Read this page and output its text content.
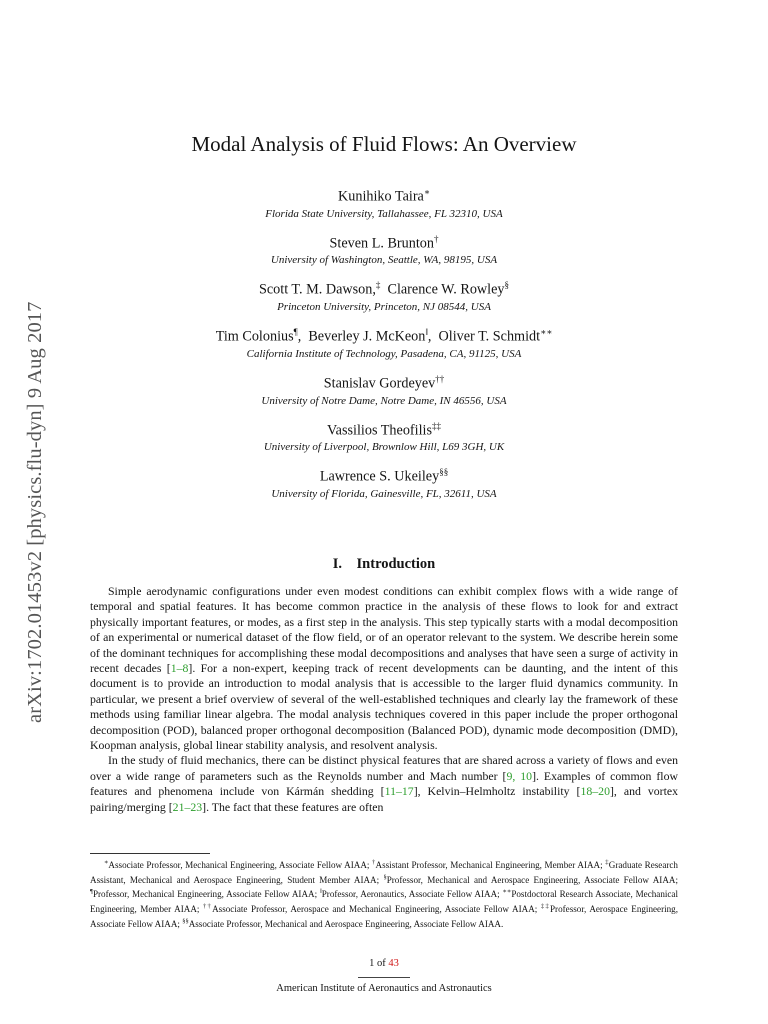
arXiv:1702.01453v2 [physics.flu-dyn] 9 Aug 2017
Modal Analysis of Fluid Flows: An Overview
Kunihiko Taira∗
Florida State University, Tallahassee, FL 32310, USA
Steven L. Brunton†
University of Washington, Seattle, WA, 98195, USA
Scott T. M. Dawson,‡ Clarence W. Rowley§
Princeton University, Princeton, NJ 08544, USA
Tim Colonius¶,  Beverley J. McKeon‖,  Oliver T. Schmidt∗∗
California Institute of Technology, Pasadena, CA, 91125, USA
Stanislav Gordeyev††
University of Notre Dame, Notre Dame, IN 46556, USA
Vassilios Theofilis‡‡
University of Liverpool, Brownlow Hill, L69 3GH, UK
Lawrence S. Ukeiley§§
University of Florida, Gainesville, FL, 32611, USA
I. Introduction

Simple aerodynamic configurations under even modest conditions can exhibit complex flows with a wide range of temporal and spatial features. It has become common practice in the analysis of these flows to look for and extract physically important features, or modes, as a first step in the analysis. This step typically starts with a modal decomposition of an experimental or numerical dataset of the flow field, or of an operator relevant to the system. We describe herein some of the dominant techniques for accomplishing these modal decompositions and analyses that have seen a surge of activity in recent decades [1–8]. For a non-expert, keeping track of recent developments can be daunting, and the intent of this document is to provide an introduction to modal analysis that is accessible to the larger fluid dynamics community. In particular, we present a brief overview of several of the well-established techniques and clearly lay the framework of these methods using familiar linear algebra. The modal analysis techniques covered in this paper include the proper orthogonal decomposition (POD), balanced proper orthogonal decomposition (Balanced POD), dynamic mode decomposition (DMD), Koopman analysis, global linear stability analysis, and resolvent analysis.

In the study of fluid mechanics, there can be distinct physical features that are shared across a variety of flows and even over a wide range of parameters such as the Reynolds number and Mach number [9, 10]. Examples of common flow features and phenomena include von Kármán shedding [11–17], Kelvin–Helmholtz instability [18–20], and vortex pairing/merging [21–23]. The fact that these features are often

∗Associate Professor, Mechanical Engineering, Associate Fellow AIAA; †Assistant Professor, Mechanical Engineering, Member AIAA; ‡Graduate Research Assistant, Mechanical and Aerospace Engineering, Student Member AIAA; §Professor, Mechanical and Aerospace Engineering, Associate Fellow AIAA; ¶Professor, Mechanical Engineering, Associate Fellow AIAA; ‖Professor, Aeronautics, Associate Fellow AIAA; ∗∗Postdoctoral Research Associate, Mechanical Engineering, Member AIAA; ††Associate Professor, Aerospace and Mechanical Engineering, Associate Fellow AIAA; ‡‡Professor, Aerospace Engineering, Associate Fellow AIAA; §§Associate Professor, Mechanical and Aerospace Engineering, Associate Fellow AIAA.

1 of 43
American Institute of Aeronautics and Astronautics
